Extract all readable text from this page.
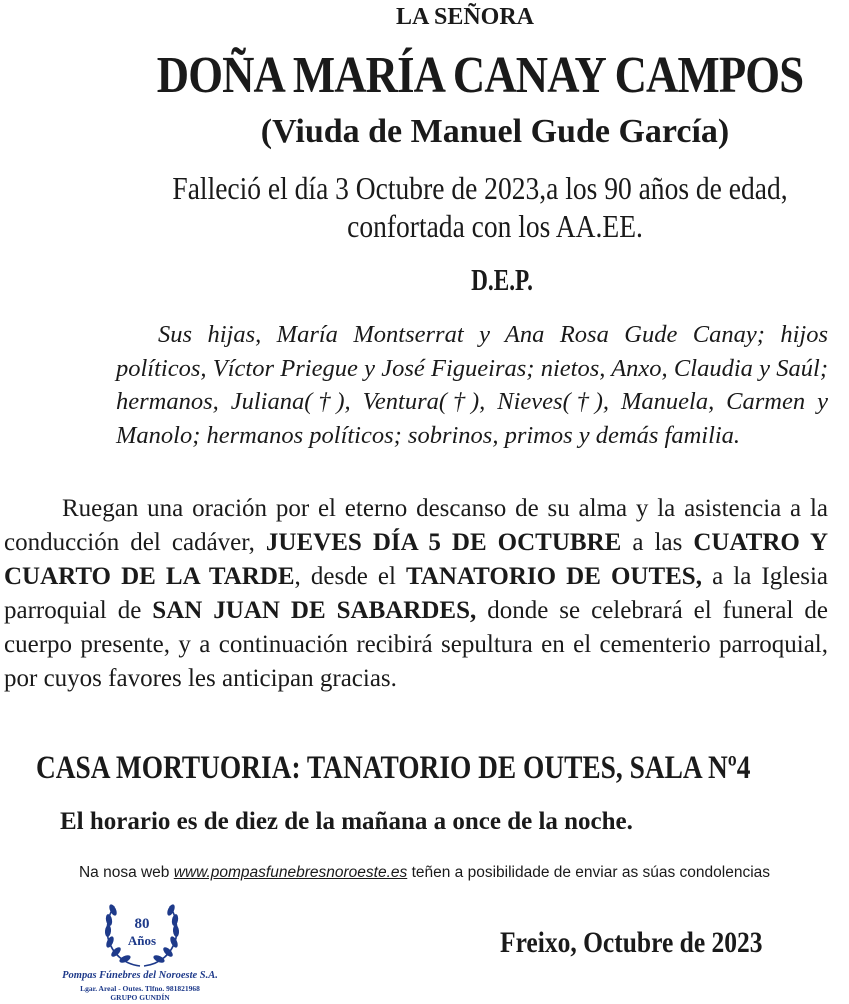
LA SEÑORA
DOÑA MARÍA CANAY CAMPOS
(Viuda de Manuel Gude García)
Falleció el día 3 Octubre de 2023,a los 90 años de edad,
confortada con los AA.EE.
D.E.P.
Sus hijas, María Montserrat y Ana Rosa Gude Canay; hijos políticos, Víctor Priegue y José Figueiras; nietos, Anxo, Claudia y Saúl; hermanos, Juliana(†), Ventura(†), Nieves(†), Manuela, Carmen y Manolo; hermanos políticos; sobrinos, primos y demás familia.
Ruegan una oración por el eterno descanso de su alma y la asistencia a la conducción del cadáver, JUEVES DÍA 5 DE OCTUBRE a las CUATRO Y CUARTO DE LA TARDE, desde el TANATORIO DE OUTES, a la Iglesia parroquial de SAN JUAN DE SABARDES, donde se celebrará el funeral de cuerpo presente, y a continuación recibirá sepultura en el cementerio parroquial, por cuyos favores les anticipan gracias.
CASA MORTUORIA: TANATORIO DE OUTES, SALA Nº4
El horario es de diez de la mañana a once de la noche.
Na nosa web www.pompasfunebresnoroeste.es teñen a posibilidade de enviar as súas condolencias
80
Años
Pompas Fúnebres del Noroeste S.A.
Lgar. Areal - Outes. Tlfno. 981821968
GRUPO GUNDÍN
Freixo, Octubre de 2023
